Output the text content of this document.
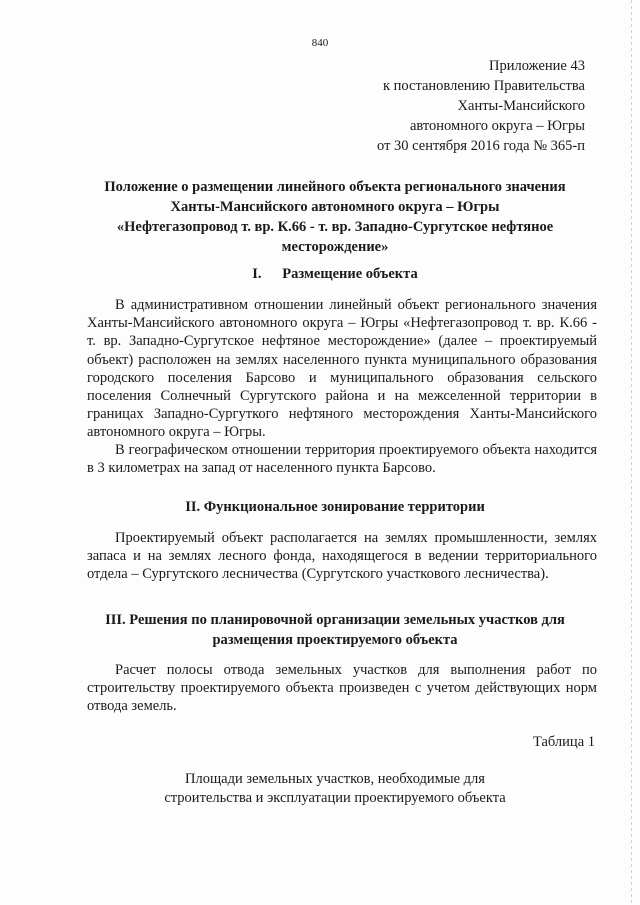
840
Приложение 43
к постановлению Правительства
Ханты-Мансийского
автономного округа – Югры
от 30 сентября 2016 года № 365-п
Положение о размещении линейного объекта регионального значения
Ханты-Мансийского автономного округа – Югры
«Нефтегазопровод т. вр. К.66 - т. вр. Западно-Сургутское нефтяное
месторождение»
I. Размещение объекта
В административном отношении линейный объект регионального значения Ханты-Мансийского автономного округа – Югры «Нефтегазопровод т. вр. К.66 - т. вр. Западно-Сургутское нефтяное месторождение» (далее – проектируемый объект) расположен на землях населенного пункта муниципального образования городского поселения Барсово и муниципального образования сельского поселения Солнечный Сургутского района и на межселенной территории в границах Западно-Сургуткого нефтяного месторождения Ханты-Мансийского автономного округа – Югры.
В географическом отношении территория проектируемого объекта находится в 3 километрах на запад от населенного пункта Барсово.
II. Функциональное зонирование территории
Проектируемый объект располагается на землях промышленности, землях запаса и на землях лесного фонда, находящегося в ведении территориального отдела – Сургутского лесничества (Сургутского участкового лесничества).
III. Решения по планировочной организации земельных участков для
размещения проектируемого объекта
Расчет полосы отвода земельных участков для выполнения работ по строительству проектируемого объекта произведен с учетом действующих норм отвода земель.
Таблица 1
Площади земельных участков, необходимые для
строительства и эксплуатации проектируемого объекта
